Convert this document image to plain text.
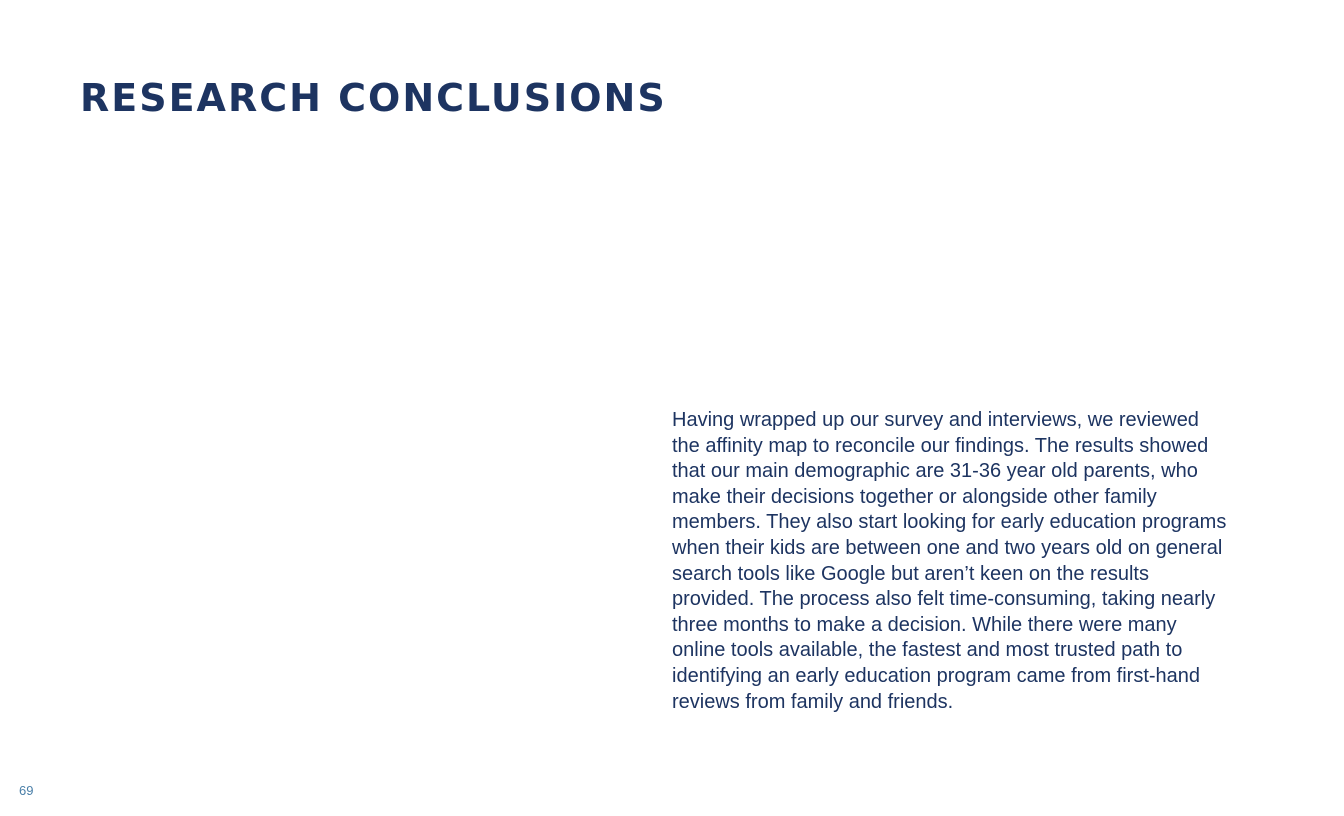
RESEARCH CONCLUSIONS

Having wrapped up our survey and interviews, we reviewed the affinity map to reconcile our findings. The results showed that our main demographic are 31-36 year old parents, who make their decisions together or alongside other family members. They also start looking for early education programs when their kids are between one and two years old on general search tools like Google but aren’t keen on the results provided. The process also felt time-consuming, taking nearly three months to make a decision. While there were many online tools available, the fastest and most trusted path to identifying an early education program came from first-hand reviews from family and friends.

69
